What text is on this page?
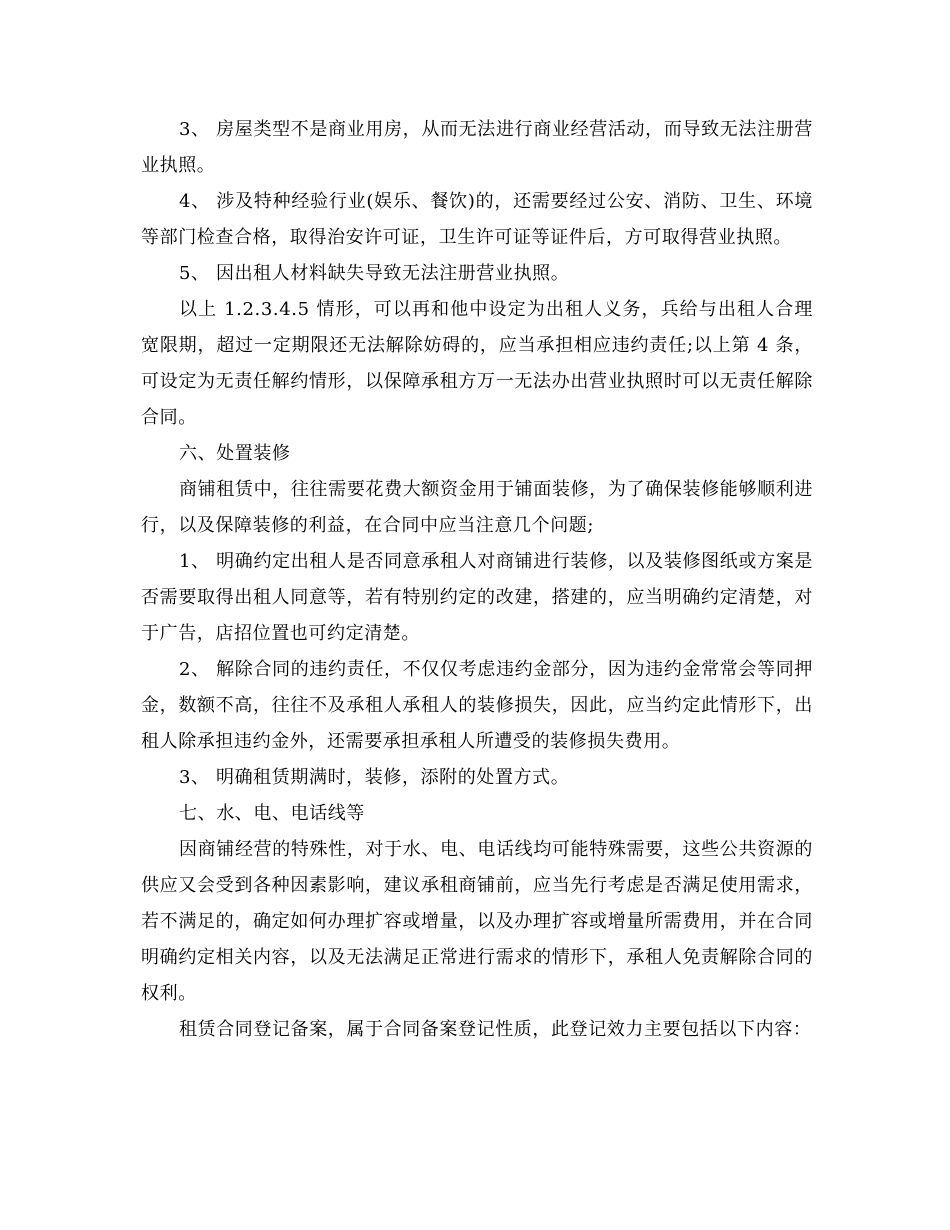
3、 房屋类型不是商业用房，从而无法进行商业经营活动，而导致无法注册营业执照。

4、 涉及特种经验行业(娱乐、餐饮)的，还需要经过公安、消防、卫生、环境等部门检查合格，取得治安许可证，卫生许可证等证件后，方可取得营业执照。

5、 因出租人材料缺失导致无法注册营业执照。

以上 1.2.3.4.5 情形，可以再和他中设定为出租人义务，兵给与出租人合理宽限期，超过一定期限还无法解除妨碍的，应当承担相应违约责任;以上第 4 条，可设定为无责任解约情形，以保障承租方万一无法办出营业执照时可以无责任解除合同。

六、处置装修

商铺租赁中，往往需要花费大额资金用于铺面装修，为了确保装修能够顺利进行，以及保障装修的利益，在合同中应当注意几个问题;

1、 明确约定出租人是否同意承租人对商铺进行装修，以及装修图纸或方案是否需要取得出租人同意等，若有特别约定的改建，搭建的，应当明确约定清楚，对于广告，店招位置也可约定清楚。

2、 解除合同的违约责任，不仅仅考虑违约金部分，因为违约金常常会等同押金，数额不高，往往不及承租人承租人的装修损失，因此，应当约定此情形下，出租人除承担违约金外，还需要承担承租人所遭受的装修损失费用。

3、 明确租赁期满时，装修，添附的处置方式。

七、水、电、电话线等

因商铺经营的特殊性，对于水、电、电话线均可能特殊需要，这些公共资源的供应又会受到各种因素影响，建议承租商铺前，应当先行考虑是否满足使用需求，若不满足的，确定如何办理扩容或增量，以及办理扩容或增量所需费用，并在合同明确约定相关内容，以及无法满足正常进行需求的情形下，承租人免责解除合同的权利。

租赁合同登记备案，属于合同备案登记性质，此登记效力主要包括以下内容：
